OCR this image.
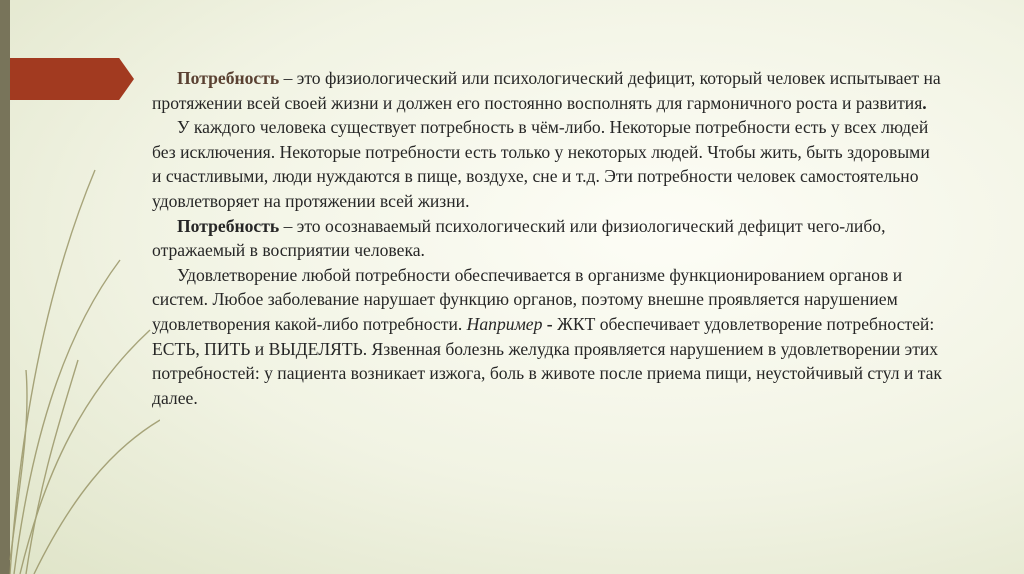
Потребность – это физиологический или психологический дефицит, который человек испытывает на протяжении всей своей жизни и должен его постоянно восполнять для гармоничного роста и развития.

У каждого человека существует потребность в чём-либо. Некоторые потребности есть у всех людей без исключения. Некоторые потребности есть только у некоторых людей. Чтобы жить, быть здоровыми и счастливыми, люди нуждаются в пище, воздухе, сне и т.д. Эти потребности человек самостоятельно удовлетворяет на протяжении всей жизни.

Потребность – это осознаваемый психологический или физиологический дефицит чего-либо, отражаемый в восприятии человека.

Удовлетворение любой потребности обеспечивается в организме функционированием органов и систем. Любое заболевание нарушает функцию органов, поэтому внешне проявляется нарушением удовлетворения какой-либо потребности. Например - ЖКТ обеспечивает удовлетворение потребностей: ЕСТЬ, ПИТЬ и ВЫДЕЛЯТЬ. Язвенная болезнь желудка проявляется нарушением в удовлетворении этих потребностей: у пациента возникает изжога, боль в животе после приема пищи, неустойчивый стул и так далее.
